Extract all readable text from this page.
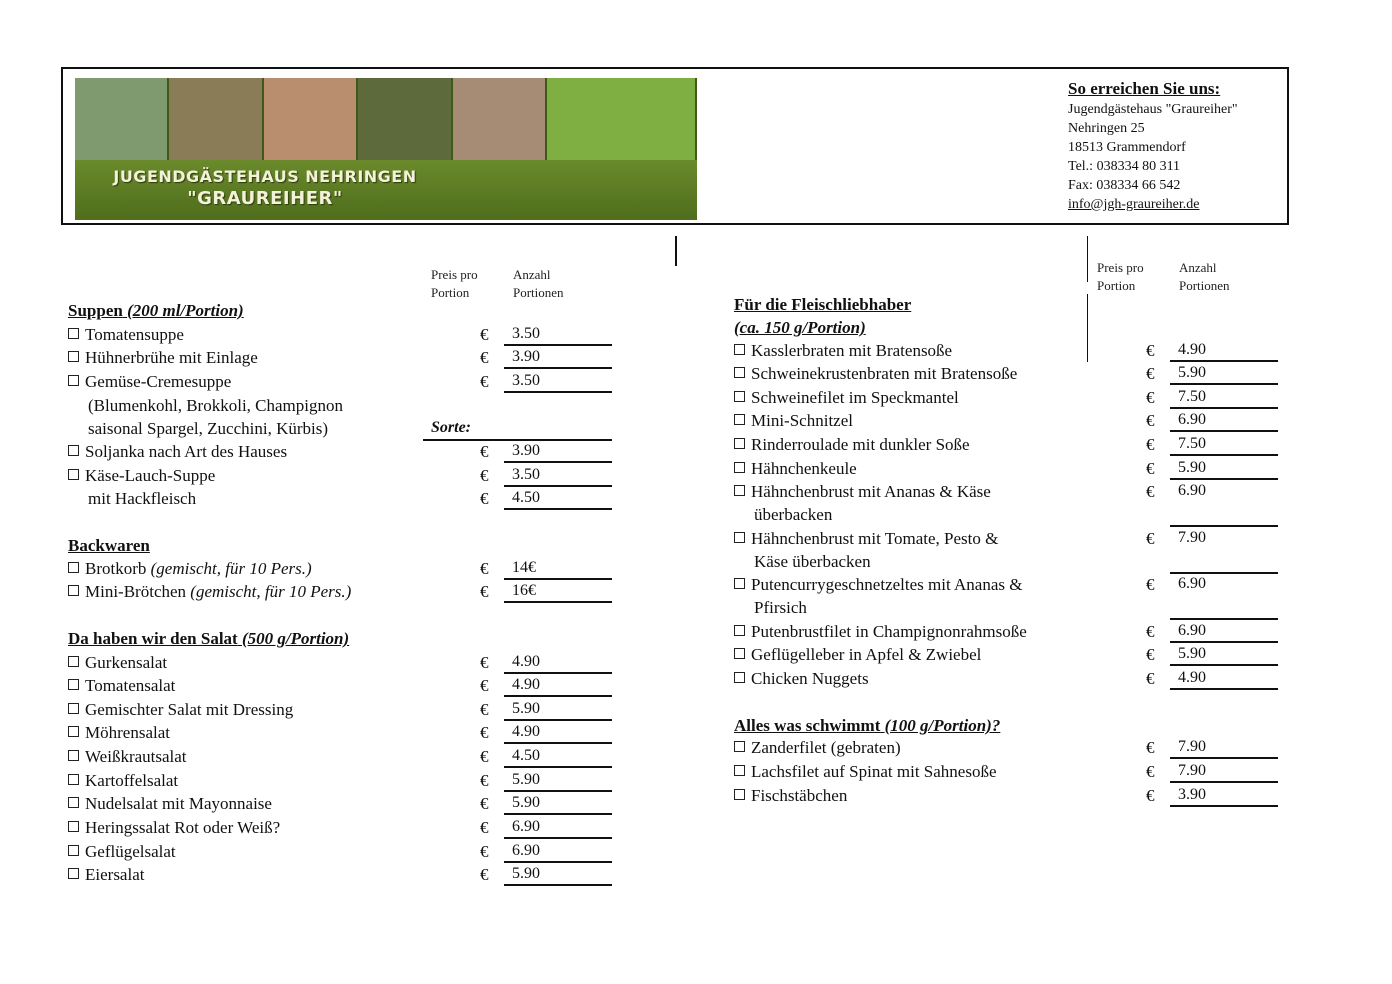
JUGENDGÄSTEHAUS NEHRINGEN
"GRAUREIHER"
So erreichen Sie uns:
Jugendgästehaus "Graureiher"
Nehringen 25
18513 Grammendorf
Tel.: 038334 80 311
Fax: 038334 66 542
info@jgh-graureiher.de
Preis pro
Portion
Anzahl
Portionen
Preis pro
Portion
Anzahl
Portionen
Suppen (200 ml/Portion)
Tomatensuppe	€	3.50
Hühnerbrühe mit Einlage	€	3.90
Gemüse-Cremesuppe	€	3.50
(Blumenkohl, Brokkoli, Champignon
saisonal Spargel, Zucchini, Kürbis)	Sorte:
Soljanka nach Art des Hauses	€	3.90
Käse-Lauch-Suppe	€	3.50
mit Hackfleisch	€	4.50
Backwaren
Brotkorb (gemischt, für 10 Pers.)	€	14€
Mini-Brötchen (gemischt, für 10 Pers.)	€	16€
Da haben wir den Salat (500 g/Portion)
Gurkensalat	€	4.90
Tomatensalat	€	4.90
Gemischter Salat mit Dressing	€	5.90
Möhrensalat	€	4.90
Weißkrautsalat	€	4.50
Kartoffelsalat	€	5.90
Nudelsalat mit Mayonnaise	€	5.90
Heringssalat Rot oder Weiß?	€	6.90
Geflügelsalat	€	6.90
Eiersalat	€	5.90
Für die Fleischliebhaber
(ca. 150 g/Portion)
Kasslerbraten mit Bratensoße	€	4.90
Schweinekrustenbraten mit Bratensoße	€	5.90
Schweinefilet im Speckmantel	€	7.50
Mini-Schnitzel	€	6.90
Rinderroulade mit dunkler Soße	€	7.50
Hähnchenkeule	€	5.90
Hähnchenbrust mit Ananas & Käse
überbacken
€	6.90
Hähnchenbrust mit Tomate, Pesto &
Käse überbacken
€	7.90
Putencurrygeschnetzeltes mit Ananas &
Pfirsich
€	6.90
Putenbrustfilet in Champignonrahmsoße	€	6.90
Geflügelleber in Apfel & Zwiebel	€	5.90
Chicken Nuggets	€	4.90
Alles was schwimmt (100 g/Portion)?
Zanderfilet (gebraten)	€	7.90
Lachsfilet auf Spinat mit Sahnesoße	€	7.90
Fischstäbchen	€	3.90
